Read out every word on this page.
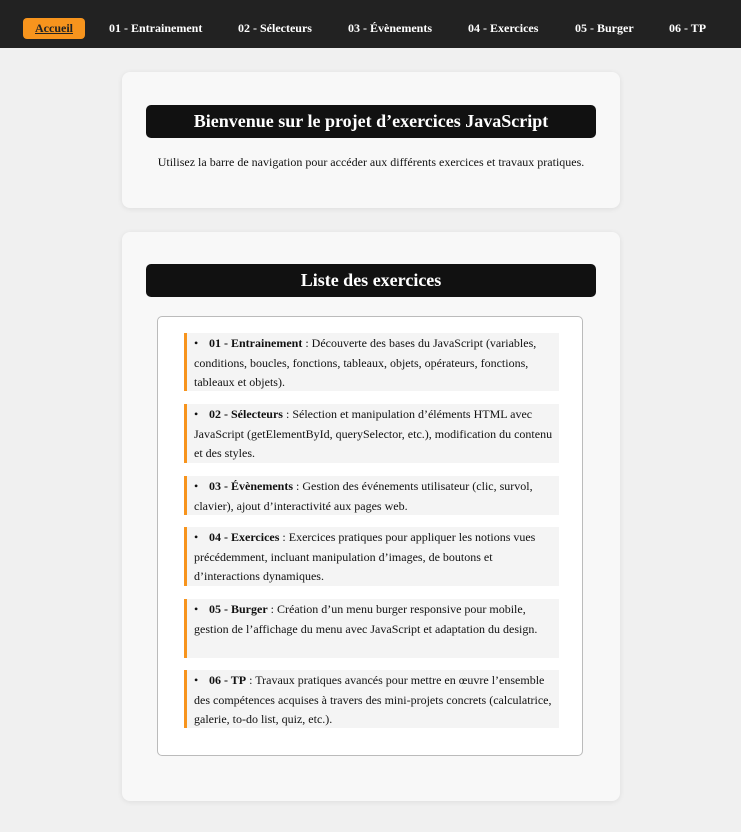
Accueil	01 - Entrainement	02 - Sélecteurs	03 - Évènements	04 - Exercices	05 - Burger	06 - TP
Bienvenue sur le projet d’exercices JavaScript

Utilisez la barre de navigation pour accéder aux différents exercices et travaux pratiques.

Liste des exercices
• 01 - Entrainement : Découverte des bases du JavaScript (variables, conditions, boucles, fonctions, tableaux, objets, opérateurs, fonctions, tableaux et objets).
• 02 - Sélecteurs : Sélection et manipulation d’éléments HTML avec JavaScript (getElementById, querySelector, etc.), modification du contenu et des styles.
• 03 - Évènements : Gestion des événements utilisateur (clic, survol, clavier), ajout d’interactivité aux pages web.
• 04 - Exercices : Exercices pratiques pour appliquer les notions vues précédemment, incluant manipulation d’images, de boutons et d’interactions dynamiques.
• 05 - Burger : Création d’un menu burger responsive pour mobile, gestion de l’affichage du menu avec JavaScript et adaptation du design.
• 06 - TP : Travaux pratiques avancés pour mettre en œuvre l’ensemble des compétences acquises à travers des mini-projets concrets (calculatrice, galerie, to-do list, quiz, etc.).
